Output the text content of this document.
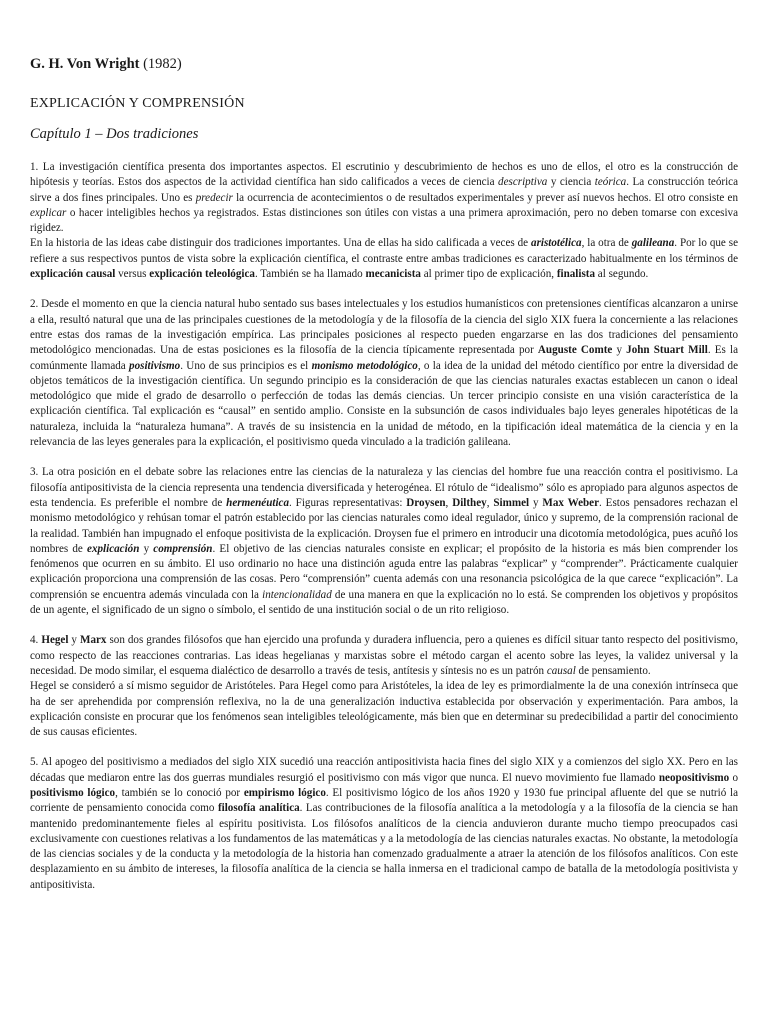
G. H. Von Wright (1982)
EXPLICACIÓN Y COMPRENSIÓN
Capítulo 1 – Dos tradiciones

1. La investigación científica presenta dos importantes aspectos. El escrutinio y descubrimiento de hechos es uno de ellos, el otro es la construcción de hipótesis y teorías. Estos dos aspectos de la actividad científica han sido calificados a veces de ciencia descriptiva y ciencia teórica. La construcción teórica sirve a dos fines principales. Uno es predecir la ocurrencia de acontecimientos o de resultados experimentales y prever así nuevos hechos. El otro consiste en explicar o hacer inteligibles hechos ya registrados. Estas distinciones son útiles con vistas a una primera aproximación, pero no deben tomarse con excesiva rigidez.

En la historia de las ideas cabe distinguir dos tradiciones importantes. Una de ellas ha sido calificada a veces de aristotélica, la otra de galileana. Por lo que se refiere a sus respectivos puntos de vista sobre la explicación científica, el contraste entre ambas tradiciones es caracterizado habitualmente en los términos de explicación causal versus explicación teleológica. También se ha llamado mecanicista al primer tipo de explicación, finalista al segundo.

2. Desde el momento en que la ciencia natural hubo sentado sus bases intelectuales y los estudios humanísticos con pretensiones científicas alcanzaron a unirse a ella, resultó natural que una de las principales cuestiones de la metodología y de la filosofía de la ciencia del siglo XIX fuera la concerniente a las relaciones entre estas dos ramas de la investigación empírica. Las principales posiciones al respecto pueden engarzarse en las dos tradiciones del pensamiento metodológico mencionadas. Una de estas posiciones es la filosofía de la ciencia típicamente representada por Auguste Comte y John Stuart Mill. Es la comúnmente llamada positivismo. Uno de sus principios es el monismo metodológico, o la idea de la unidad del método científico por entre la diversidad de objetos temáticos de la investigación científica. Un segundo principio es la consideración de que las ciencias naturales exactas establecen un canon o ideal metodológico que mide el grado de desarrollo o perfección de todas las demás ciencias. Un tercer principio consiste en una visión característica de la explicación científica. Tal explicación es “causal” en sentido amplio. Consiste en la subsunción de casos individuales bajo leyes generales hipotéticas de la naturaleza, incluida la “naturaleza humana”. A través de su insistencia en la unidad de método, en la tipificación ideal matemática de la ciencia y en la relevancia de las leyes generales para la explicación, el positivismo queda vinculado a la tradición galileana.

3. La otra posición en el debate sobre las relaciones entre las ciencias de la naturaleza y las ciencias del hombre fue una reacción contra el positivismo. La filosofía antipositivista de la ciencia representa una tendencia diversificada y heterogénea. El rótulo de “idealismo” sólo es apropiado para algunos aspectos de esta tendencia. Es preferible el nombre de hermenéutica. Figuras representativas: Droysen, Dilthey, Simmel y Max Weber. Estos pensadores rechazan el monismo metodológico y rehúsan tomar el patrón establecido por las ciencias naturales como ideal regulador, único y supremo, de la comprensión racional de la realidad. También han impugnado el enfoque positivista de la explicación. Droysen fue el primero en introducir una dicotomía metodológica, pues acuñó los nombres de explicación y comprensión. El objetivo de las ciencias naturales consiste en explicar; el propósito de la historia es más bien comprender los fenómenos que ocurren en su ámbito. El uso ordinario no hace una distinción aguda entre las palabras “explicar” y “comprender”. Prácticamente cualquier explicación proporciona una comprensión de las cosas. Pero “comprensión” cuenta además con una resonancia psicológica de la que carece “explicación”. La comprensión se encuentra además vinculada con la intencionalidad de una manera en que la explicación no lo está. Se comprenden los objetivos y propósitos de un agente, el significado de un signo o símbolo, el sentido de una institución social o de un rito religioso.

4. Hegel y Marx son dos grandes filósofos que han ejercido una profunda y duradera influencia, pero a quienes es difícil situar tanto respecto del positivismo, como respecto de las reacciones contrarias. Las ideas hegelianas y marxistas sobre el método cargan el acento sobre las leyes, la validez universal y la necesidad. De modo similar, el esquema dialéctico de desarrollo a través de tesis, antítesis y síntesis no es un patrón causal de pensamiento.

Hegel se consideró a sí mismo seguidor de Aristóteles. Para Hegel como para Aristóteles, la idea de ley es primordialmente la de una conexión intrínseca que ha de ser aprehendida por comprensión reflexiva, no la de una generalización inductiva establecida por observación y experimentación. Para ambos, la explicación consiste en procurar que los fenómenos sean inteligibles teleológicamente, más bien que en determinar su predecibilidad a partir del conocimiento de sus causas eficientes.

5. Al apogeo del positivismo a mediados del siglo XIX sucedió una reacción antipositivista hacia fines del siglo XIX y a comienzos del siglo XX. Pero en las décadas que mediaron entre las dos guerras mundiales resurgió el positivismo con más vigor que nunca. El nuevo movimiento fue llamado neopositivismo o positivismo lógico, también se lo conoció por empirismo lógico. El positivismo lógico de los años 1920 y 1930 fue principal afluente del que se nutrió la corriente de pensamiento conocida como filosofía analítica. Las contribuciones de la filosofía analítica a la metodología y a la filosofía de la ciencia se han mantenido predominantemente fieles al espíritu positivista. Los filósofos analíticos de la ciencia anduvieron durante mucho tiempo preocupados casi exclusivamente con cuestiones relativas a los fundamentos de las matemáticas y a la metodología de las ciencias naturales exactas. No obstante, la metodología de las ciencias sociales y de la conducta y la metodología de la historia han comenzado gradualmente a atraer la atención de los filósofos analíticos. Con este desplazamiento en su ámbito de intereses, la filosofía analítica de la ciencia se halla inmersa en el tradicional campo de batalla de la metodología positivista y antipositivista.
